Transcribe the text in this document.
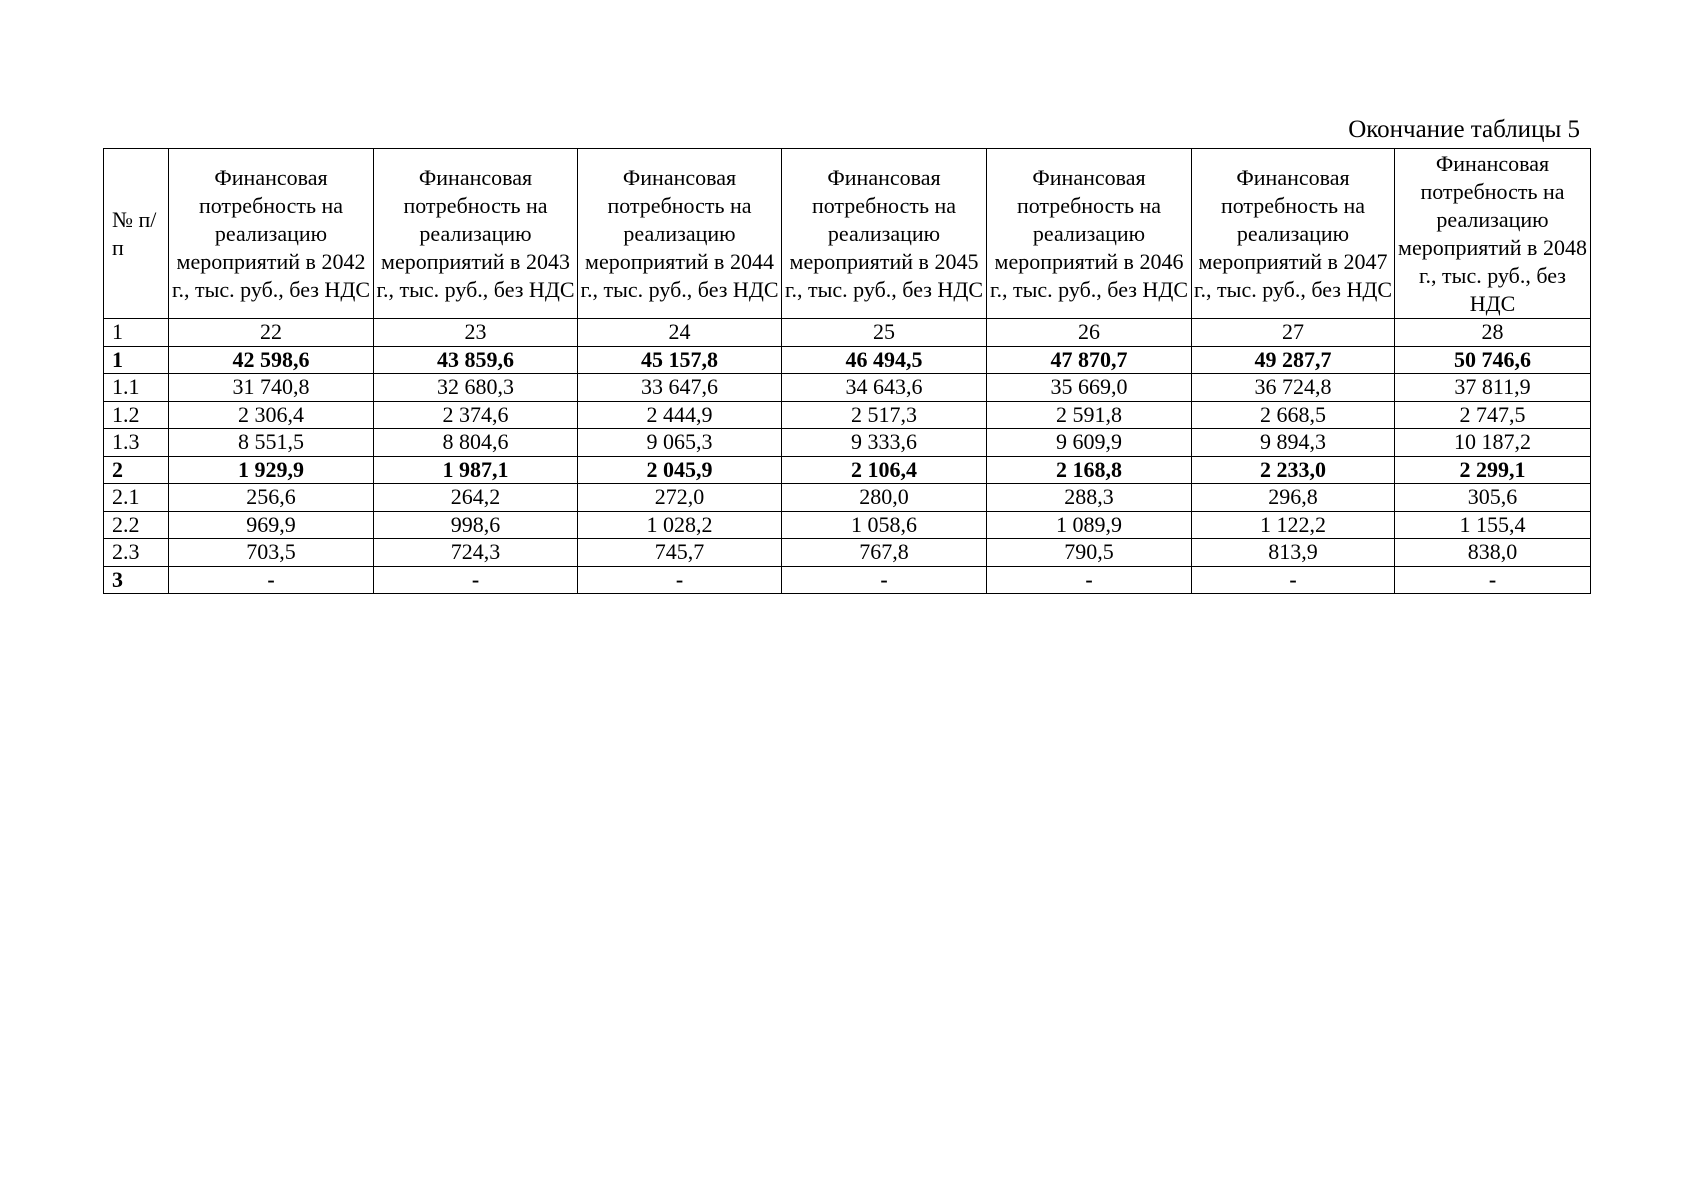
Окончание таблицы 5
№ п/п	Финансовая потребность на реализацию мероприятий в 2042 г., тыс. руб., без НДС	Финансовая потребность на реализацию мероприятий в 2043 г., тыс. руб., без НДС	Финансовая потребность на реализацию мероприятий в 2044 г., тыс. руб., без НДС	Финансовая потребность на реализацию мероприятий в 2045 г., тыс. руб., без НДС	Финансовая потребность на реализацию мероприятий в 2046 г., тыс. руб., без НДС	Финансовая потребность на реализацию мероприятий в 2047 г., тыс. руб., без НДС	Финансовая потребность на реализацию мероприятий в 2048 г., тыс. руб., без НДС
1	22	23	24	25	26	27	28
1	42 598,6	43 859,6	45 157,8	46 494,5	47 870,7	49 287,7	50 746,6
1.1	31 740,8	32 680,3	33 647,6	34 643,6	35 669,0	36 724,8	37 811,9
1.2	2 306,4	2 374,6	2 444,9	2 517,3	2 591,8	2 668,5	2 747,5
1.3	8 551,5	8 804,6	9 065,3	9 333,6	9 609,9	9 894,3	10 187,2
2	1 929,9	1 987,1	2 045,9	2 106,4	2 168,8	2 233,0	2 299,1
2.1	256,6	264,2	272,0	280,0	288,3	296,8	305,6
2.2	969,9	998,6	1 028,2	1 058,6	1 089,9	1 122,2	1 155,4
2.3	703,5	724,3	745,7	767,8	790,5	813,9	838,0
3	-	-	-	-	-	-	-
